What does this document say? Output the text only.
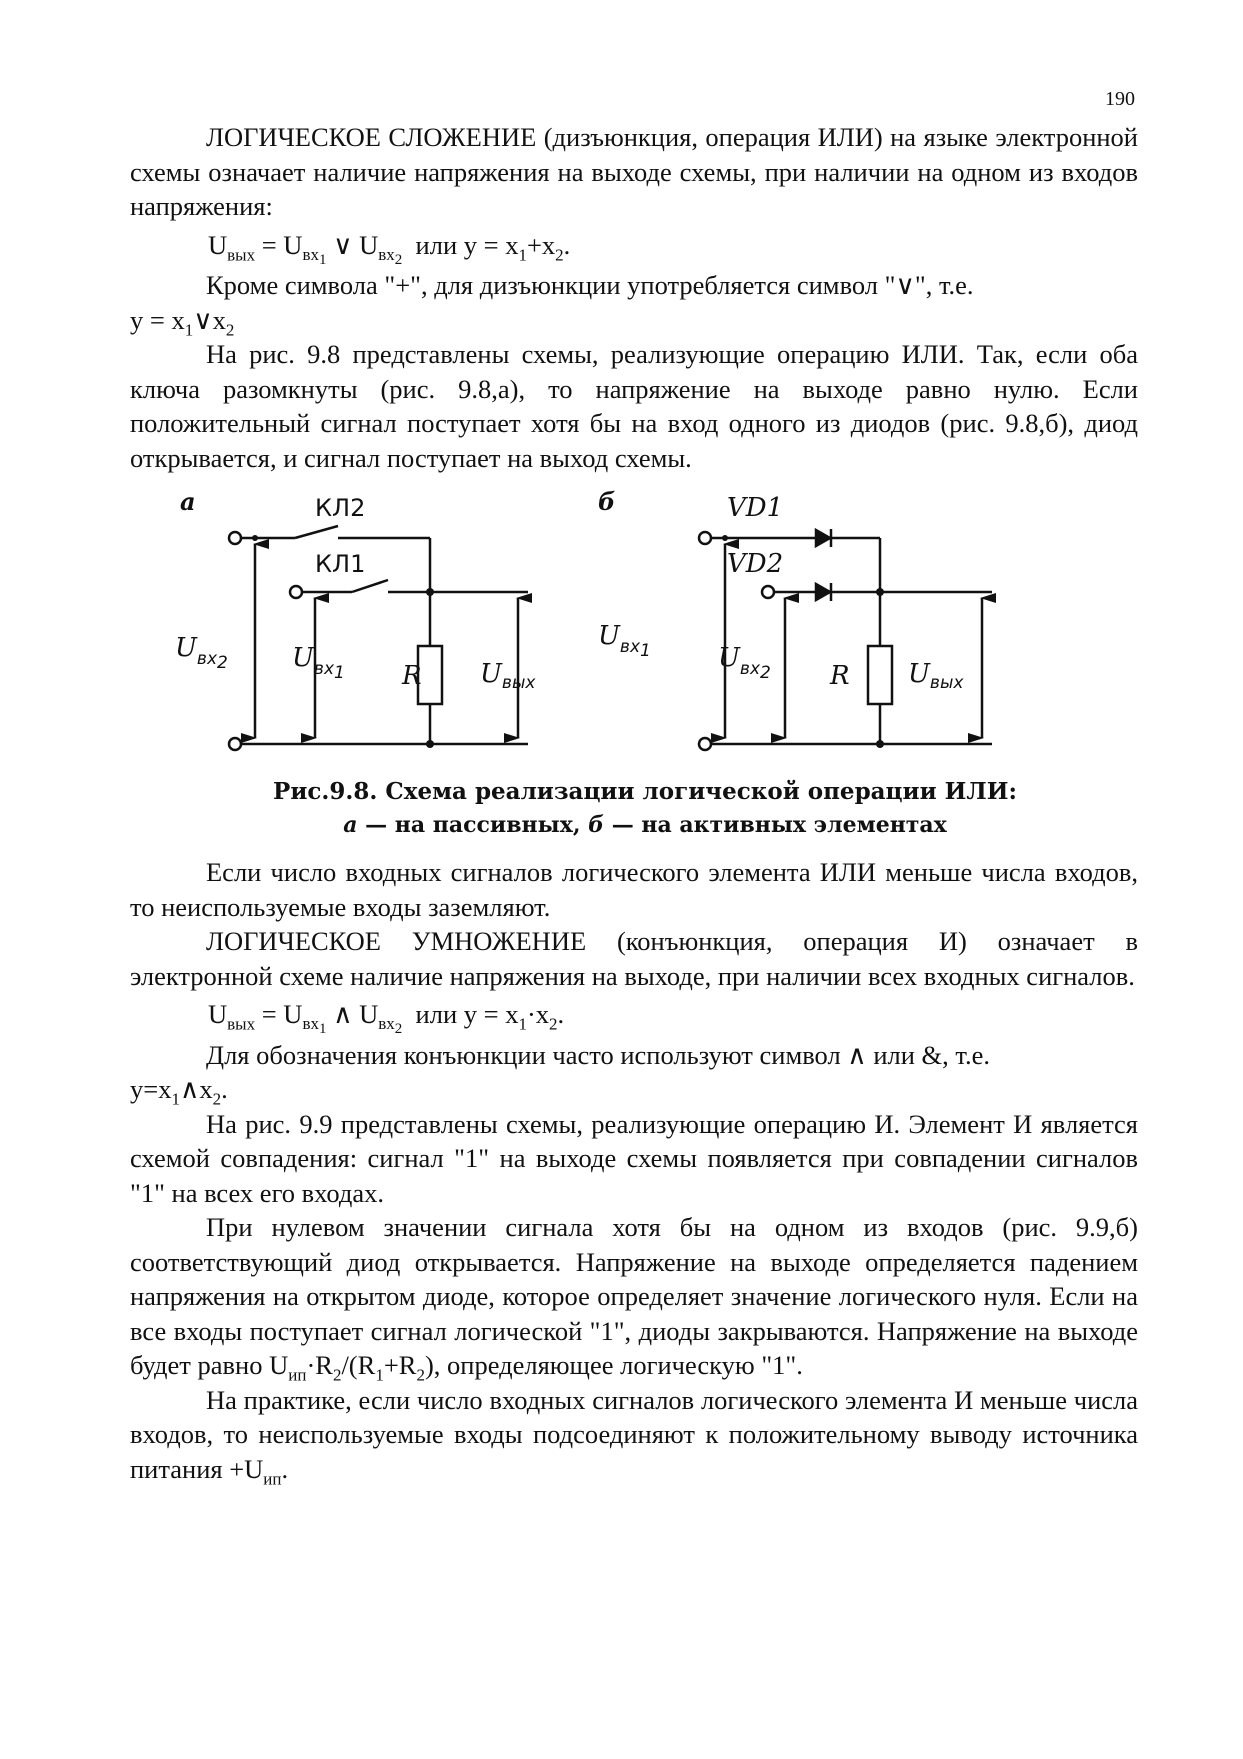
190

ЛОГИЧЕСКОЕ СЛОЖЕНИЕ (дизъюнкция, операция ИЛИ) на языке электронной схемы означает наличие напряжения на выходе схемы, при наличии на одном из входов напряжения:

$U_{вых} = U_{вх1}$ ∨ $U_{вх2}$  или $y = x_1+x_2$.

Кроме символа "+", для дизъюнкции употребляется символ "∨", т.е.

$y = x_1\vee x_2$

На рис. 9.8 представлены схемы, реализующие операцию ИЛИ. Так, если оба ключа разомкнуты (рис. 9.8,а), то напряжение на выходе равно нулю. Если положительный сигнал поступает хотя бы на вход одного из диодов (рис. 9.8,б), диод открывается, и сигнал поступает на выход схемы.

а	КЛ2
КЛ1
$U_{вх}2$ $U_{вх}1$ R $U_{вых}$
б	VD1
VD2
$U_{вх}1$	$U_{вх}2$ R $U_{вых}$
Рис.9.8. Схема реализации логической операции ИЛИ:
а — на пассивных, б — на активных элементах

Если число входных сигналов логического элемента ИЛИ меньше числа входов, то неиспользуемые входы заземляют.

ЛОГИЧЕСКОЕ УМНОЖЕНИЕ (конъюнкция, операция И) означает в электронной схеме наличие напряжения на выходе, при наличии всех входных сигналов.

$U_{вых} = U_{вх1}$ ∧ $U_{вх2}$  или $y = x_1\cdot x_2$.

Для обозначения конъюнкции часто используют символ ∧ или &, т.е.

$y=x_1\wedge x_2$.

На рис. 9.9 представлены схемы, реализующие операцию И. Элемент И является схемой совпадения: сигнал "1" на выходе схемы появляется при совпадении сигналов "1" на всех его входах.

При нулевом значении сигнала хотя бы на одном из входов (рис. 9.9,б) соответствующий диод открывается. Напряжение на выходе определяется падением напряжения на открытом диоде, которое определяет значение логического нуля. Если на все входы поступает сигнал логической "1", диоды закрываются. Напряжение на выходе будет равно $U_{ип}\cdot R_2/(R_1+R_2)$, определяющее логическую "1".

На практике, если число входных сигналов логического элемента И меньше числа входов, то неиспользуемые входы подсоединяют к положительному выводу источника питания $+U_{ип}$.
